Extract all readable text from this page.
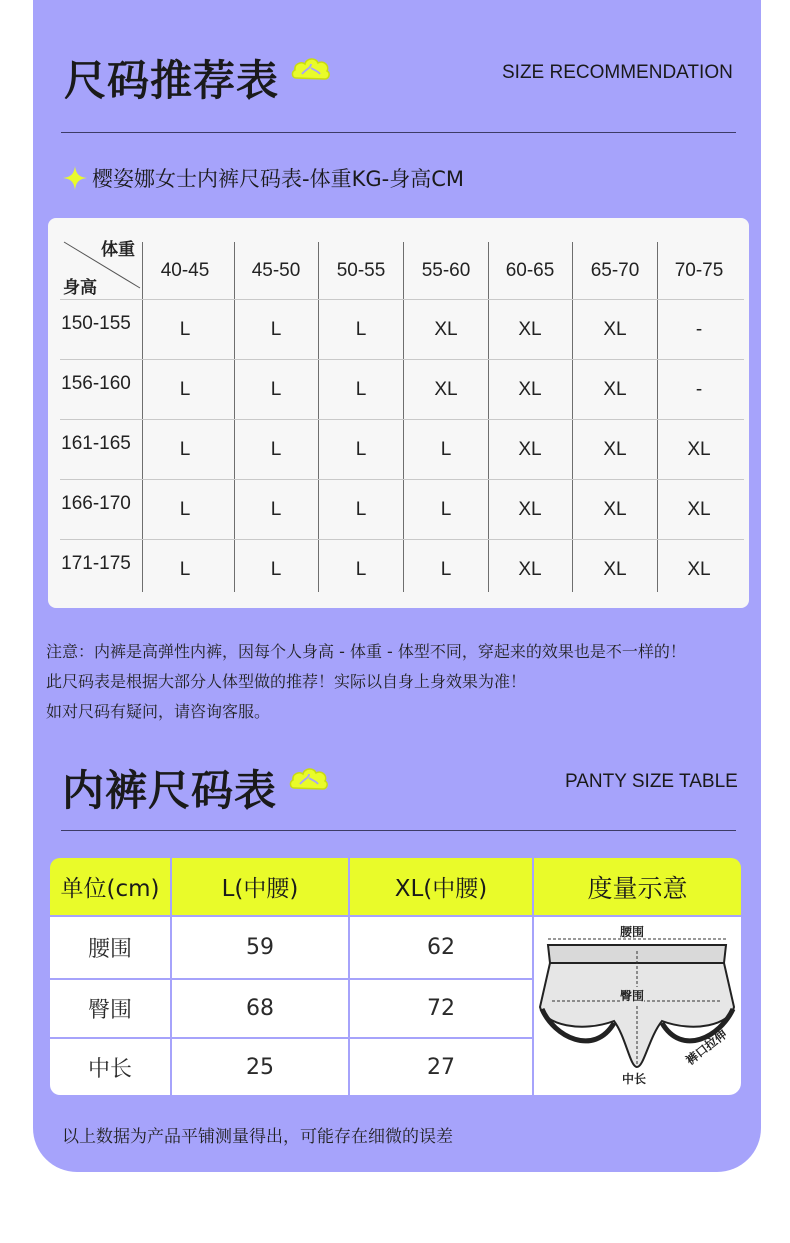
尺码推荐表	SIZE RECOMMENDATION
樱姿娜女士内裤尺码表-体重KG-身高CM
体重
身高
40-45	45-50	50-55	55-60	60-65	65-70	70-75
150-155	L	L	L	XL	XL	XL	-
156-160	L	L	L	XL	XL	XL	-
161-165	L	L	L	L	XL	XL	XL
166-170	L	L	L	L	XL	XL	XL
171-175	L	L	L	L	XL	XL	XL
注意：内裤是高弹性内裤，因每个人身高 - 体重 - 体型不同，穿起来的效果也是不一样的！
此尺码表是根据大部分人体型做的推荐！实际以自身上身效果为准！
如对尺码有疑问，请咨询客服。
内裤尺码表	PANTY SIZE TABLE
单位(cm)	L(中腰)	XL(中腰)	度量示意
腰围	59	62
臀围	68	72
中长	25	27
腰围
臀围
中长
裤口拉伸
以上数据为产品平铺测量得出，可能存在细微的误差
